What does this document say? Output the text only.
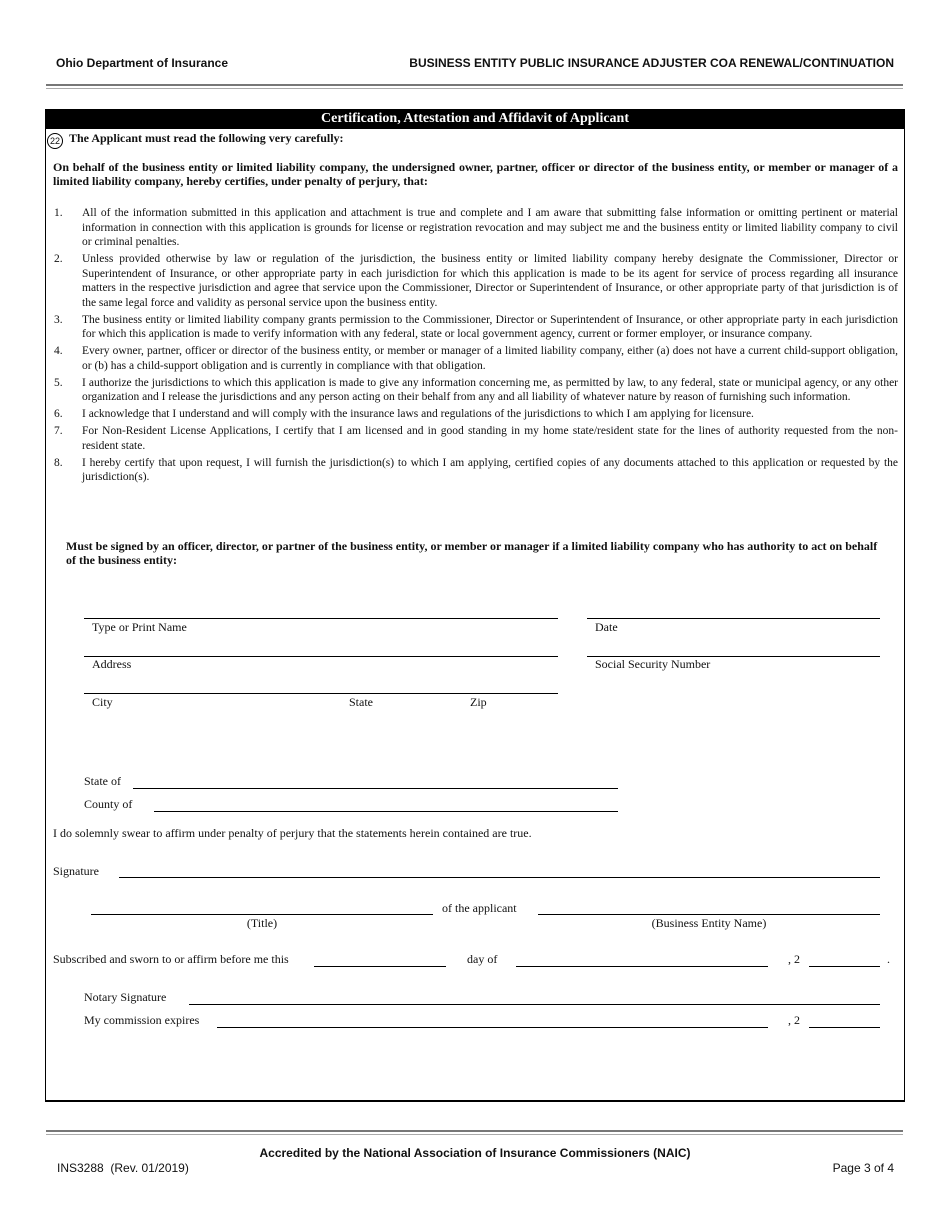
Ohio Department of Insurance	BUSINESS ENTITY PUBLIC INSURANCE ADJUSTER COA RENEWAL/CONTINUATION
Certification, Attestation and Affidavit of Applicant
22 The Applicant must read the following very carefully:
On behalf of the business entity or limited liability company, the undersigned owner, partner, officer or director of the business entity, or member or manager of a limited liability company, hereby certifies, under penalty of perjury, that:
1. All of the information submitted in this application and attachment is true and complete and I am aware that submitting false information or omitting pertinent or material information in connection with this application is grounds for license or registration revocation and may subject me and the business entity or limited liability company to civil or criminal penalties.
2. Unless provided otherwise by law or regulation of the jurisdiction, the business entity or limited liability company hereby designate the Commissioner, Director or Superintendent of Insurance, or other appropriate party in each jurisdiction for which this application is made to be its agent for service of process regarding all insurance matters in the respective jurisdiction and agree that service upon the Commissioner, Director or Superintendent of Insurance, or other appropriate party of that jurisdiction is of the same legal force and validity as personal service upon the business entity.
3. The business entity or limited liability company grants permission to the Commissioner, Director or Superintendent of Insurance, or other appropriate party in each jurisdiction for which this application is made to verify information with any federal, state or local government agency, current or former employer, or insurance company.
4. Every owner, partner, officer or director of the business entity, or member or manager of a limited liability company, either (a) does not have a current child-support obligation, or (b) has a child-support obligation and is currently in compliance with that obligation.
5. I authorize the jurisdictions to which this application is made to give any information concerning me, as permitted by law, to any federal, state or municipal agency, or any other organization and I release the jurisdictions and any person acting on their behalf from any and all liability of whatever nature by reason of furnishing such information.
6. I acknowledge that I understand and will comply with the insurance laws and regulations of the jurisdictions to which I am applying for licensure.
7. For Non-Resident License Applications, I certify that I am licensed and in good standing in my home state/resident state for the lines of authority requested from the non-resident state.
8. I hereby certify that upon request, I will furnish the jurisdiction(s) to which I am applying, certified copies of any documents attached to this application or requested by the jurisdiction(s).
Must be signed by an officer, director, or partner of the business entity, or member or manager if a limited liability company who has authority to act on behalf of the business entity:
Type or Print Name	Date
Address	Social Security Number
City	State	Zip
State of
County of
I do solemnly swear to affirm under penalty of perjury that the statements herein contained are true.
Signature
of the applicant
(Title)	(Business Entity Name)
Subscribed and sworn to or affirm before me this	day of	, 2	.
Notary Signature
My commission expires	, 2
Accredited by the National Association of Insurance Commissioners (NAIC)
INS3288  (Rev. 01/2019)	Page 3 of 4
